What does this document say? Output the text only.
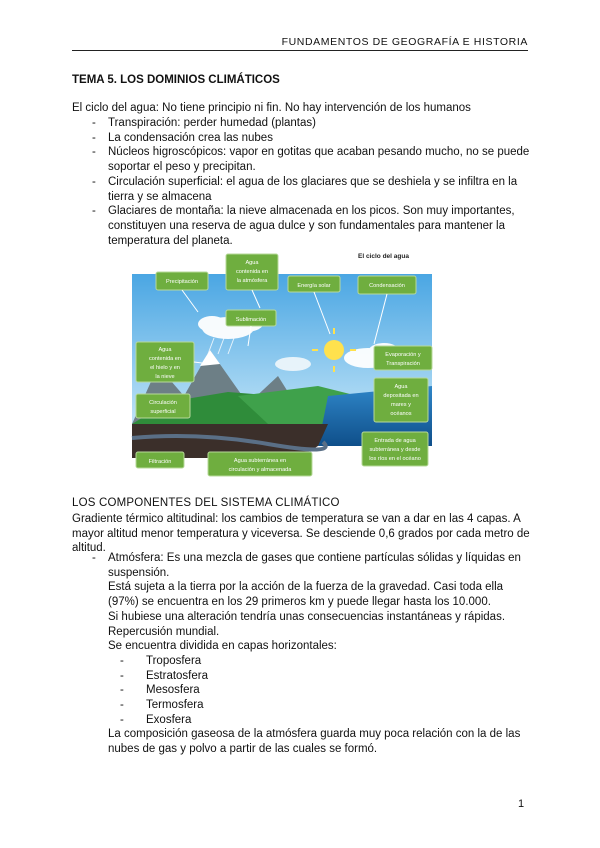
FUNDAMENTOS DE GEOGRAFÍA E HISTORIA
TEMA 5. LOS DOMINIOS CLIMÁTICOS
El ciclo del agua: No tiene principio ni fin. No hay intervención de los humanos
- Transpiración: perder humedad (plantas)
- La condensación crea las nubes
- Núcleos higroscópicos: vapor en gotitas que acaban pesando mucho, no se puede soportar el peso y precipitan.
- Circulación superficial: el agua de los glaciares que se deshiela y se infiltra en la tierra y se almacena
- Glaciares de montaña: la nieve almacenada en los picos. Son muy importantes, constituyen una reserva de agua dulce y son fundamentales para mantener la temperatura del planeta.
El ciclo del agua
Precipitación
Agua
contenida en
la atmósfera
Energía solar	Condensación
Sublimación
Agua
contenida en
el hielo y en
la nieve
Evaporación y
Transpiración
Agua
depositada en
mares y
océanos
Circulación
superficial
Entrada de agua
subterránea y desde
los ríos en el océano
Filtración	Agua subterránea en
circulación y almacenada
LOS COMPONENTES DEL SISTEMA CLIMÁTICO
Gradiente térmico altitudinal: los cambios de temperatura se van a dar en las 4 capas. A mayor altitud menor temperatura y viceversa. Se desciende 0,6 grados por cada metro de altitud.
- Atmósfera: Es una mezcla de gases que contiene partículas sólidas y líquidas en suspensión.
Está sujeta a la tierra por la acción de la fuerza de la gravedad. Casi toda ella (97%) se encuentra en los 29 primeros km y puede llegar hasta los 10.000.
Si hubiese una alteración tendría unas consecuencias instantáneas y rápidas. Repercusión mundial.
Se encuentra dividida en capas horizontales:
- Troposfera
- Estratosfera
- Mesosfera
- Termosfera
- Exosfera
La composición gaseosa de la atmósfera guarda muy poca relación con la de las nubes de gas y polvo a partir de las cuales se formó.
1
